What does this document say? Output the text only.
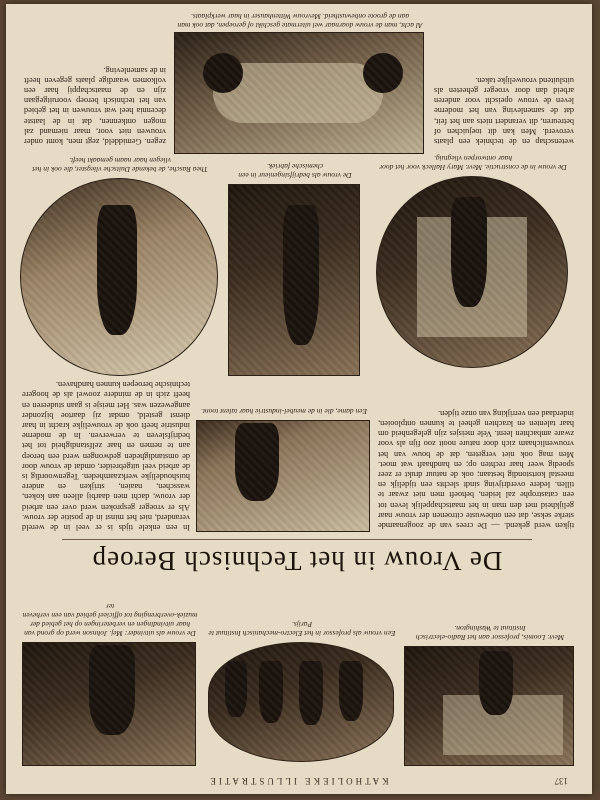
137
KATHOLIEKE ILLUSTRATIE
Mevr. Loomis, professor aan het Radio-electrisch Instituut te Washington.
Een vrouw als professor in het Electro-mechanisch Instituut te Parijs.
De vrouw als uitvinder: Mej. Johnson werd op grond van haar uitvindingen en verbeteringen op het gebied der muziek-overbrenging tot officieel gebied van een verheven ter
De Vrouw in het Technisch Beroep
tijken werd gekend. — De crees van de zoogenaamde sterke sekse, dat een onbewuste citroenen der vrouw naar gelijkheid met den man in het maatschappelijk leven tot een catastrophe zal leiden, behoeft men niet zwaar te tillen. Iedere overdrijving sindt slechts een tijdelijk en meestal kortstondig bestaan; ook de natuur drukt er zeer spoedig weer haar rechten op; en handhaaft wat moet. Men mag ook niet vergeten, dat de bouw van het vrouwenlichaam zich door nature nooit zoo fijn als voor zware ambachten leent. Vele meisjes zijn gelegenheid om haar talenten en krachten geheel te kunnen ontplooien, inderdaad een verrijking van onze tijden.
Een dame, die in de meubel-industrie haar talent toont.
In een enkele tijds is er veel in de wereld veranderd, niet het minst in de positie der vrouw. Als er vroeger gesproken werd over een arbeid der vrouw, dacht men daarbij alleen aan koken, wasschen, naaien, strijken en andere huishoudelijke werkzaamheden. Tegenwoordig is de arbeid veel uitgebreider, omdat de vrouw door de omstandigheden gedwongen werd een beroep aan te nemen en haar zelfstandigheid tot het bedrijfsleven te verwerven. In de moderne industrie heeft ook de vrouwelijke kracht in haar dienst gesteld, omdat zij daartoe bijzonder aangewezen was. Het meisje is gaan studeeren en heeft zich in de mindere zoowel als de hoogere technische beroepen kunnen handhaven.
De vrouw in de constructie. Mevr. Mary Halleck voor het door haar ontworpen vliegtuig.
De vrouw als bedrijfsingenieur in een chemische fabriek.
Thea Rasche, de bekende Duitsche vliegster, die ook in het vliegen haar naam gemaakt heeft.
wetenschap en de techniek een plaats veroverd. Men kan dit toejuichen of betreuren, dit verandert niets aan het feit, dat de samenleving van het moderne leven de vrouw opeischt voor anderen arbeid dan door vroeger geheeten als uitsluitend vrouwelijke taken.
Al acht, man de vrouw doarnaar wel uitermate geschikt of geroepen, dat ook man aan de groote onbewustheid. Mevrouw Wittenhauser in haar werkplaats.
zegen. Gemiddeld, zegt men, komt onder vrouwen niet voor, maar niemand zal mogen ontkennen, dat in de laatste decennia heel wat vrouwen in het gebied van het technisch beroep vooruitgegaan zijn en de maatschappij haar een volkomen waardige plaats gegeven heeft in de samenleving.
